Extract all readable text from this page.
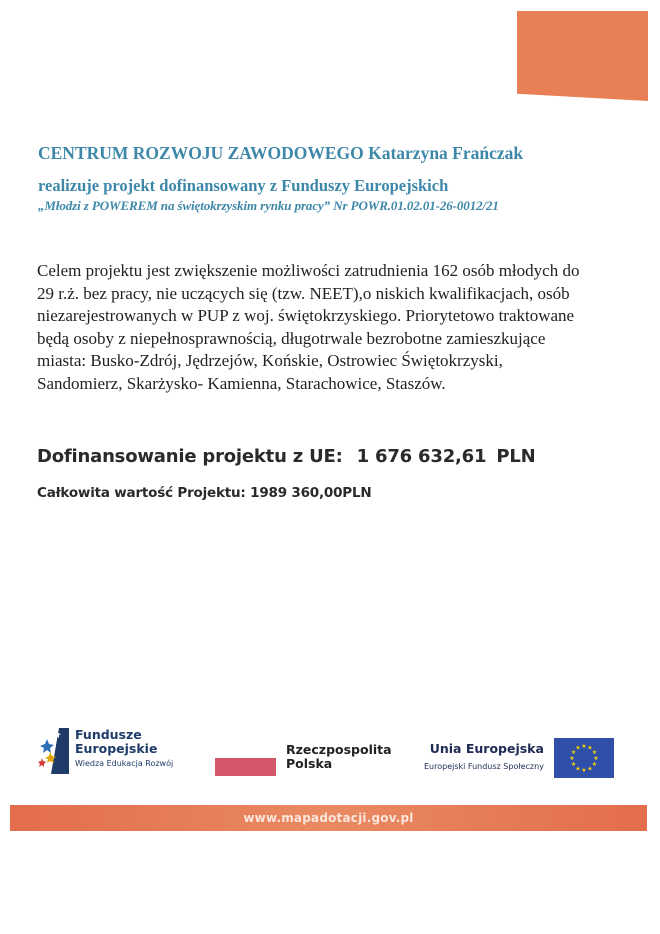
CENTRUM ROZWOJU ZAWODOWEGO Katarzyna Frańczak

realizuje projekt dofinansowany z Funduszy Europejskich

„Młodzi z POWEREM na świętokrzyskim rynku pracy” Nr POWR.01.02.01-26-0012/21

Celem projektu jest zwiększenie możliwości zatrudnienia 162 osób młodych do
29 r.ż. bez pracy, nie uczących się (tzw. NEET),o niskich kwalifikacjach, osób
niezarejestrowanych w PUP z woj. świętokrzyskiego. Priorytetowo traktowane
będą osoby z niepełnosprawnością, długotrwale bezrobotne zamieszkujące
miasta: Busko-Zdrój, Jędrzejów, Końskie, Ostrowiec Świętokrzyski,
Sandomierz, Skarżysko- Kamienna, Starachowice, Staszów.
Dofinansowanie projektu z UE: 1 676 632,61 PLN
Całkowita wartość Projektu: 1989 360,00PLN
Fundusze
Europejskie
Wiedza Edukacja Rozwój
Rzeczpospolita
Polska
Unia Europejska
Europejski Fundusz Społeczny
★ ★
★
★
★
★
★
★
★
★
★
★
www.mapadotacji.gov.pl
